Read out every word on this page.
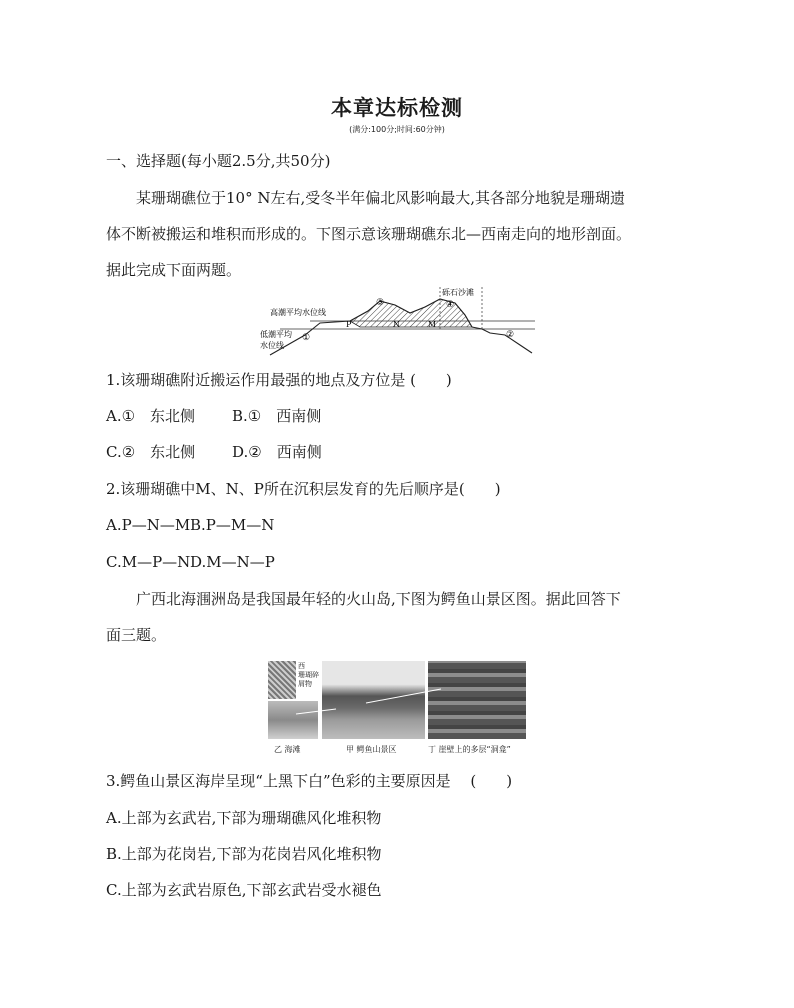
本章达标检测
(满分:100分;时间:60分钟)
一、选择题(每小题2.5分,共50分)
某珊瑚礁位于10° N左右,受冬半年偏北风影响最大,其各部分地貌是珊瑚遗
体不断被搬运和堆积而形成的。下图示意该珊瑚礁东北—西南走向的地形剖面。
据此完成下面两题。
砾石沙滩
高潮平均水位线
低潮平均
水位线
①	②
③	④
P	N	M
1.该珊瑚礁附近搬运作用最强的地点及方位是 (　　)
A.①　东北侧 B.①　西南侧
C.②　东北侧 D.②　西南侧
2.该珊瑚礁中M、N、P所在沉积层发育的先后顺序是(　　)
A.P—N—M B.P—M—N
C.M—P—N D.M—N—P
广西北海涠洲岛是我国最年轻的火山岛,下图为鳄鱼山景区图。据此回答下
面三题。
西
珊瑚碎
屑物
乙 海滩	甲 鳄鱼山景区	丁 崖壁上的多层“洞龛”
3.鳄鱼山景区海岸呈现“上黑下白”色彩的主要原因是　 (　　)
A.上部为玄武岩,下部为珊瑚礁风化堆积物
B.上部为花岗岩,下部为花岗岩风化堆积物
C.上部为玄武岩原色,下部玄武岩受水褪色
